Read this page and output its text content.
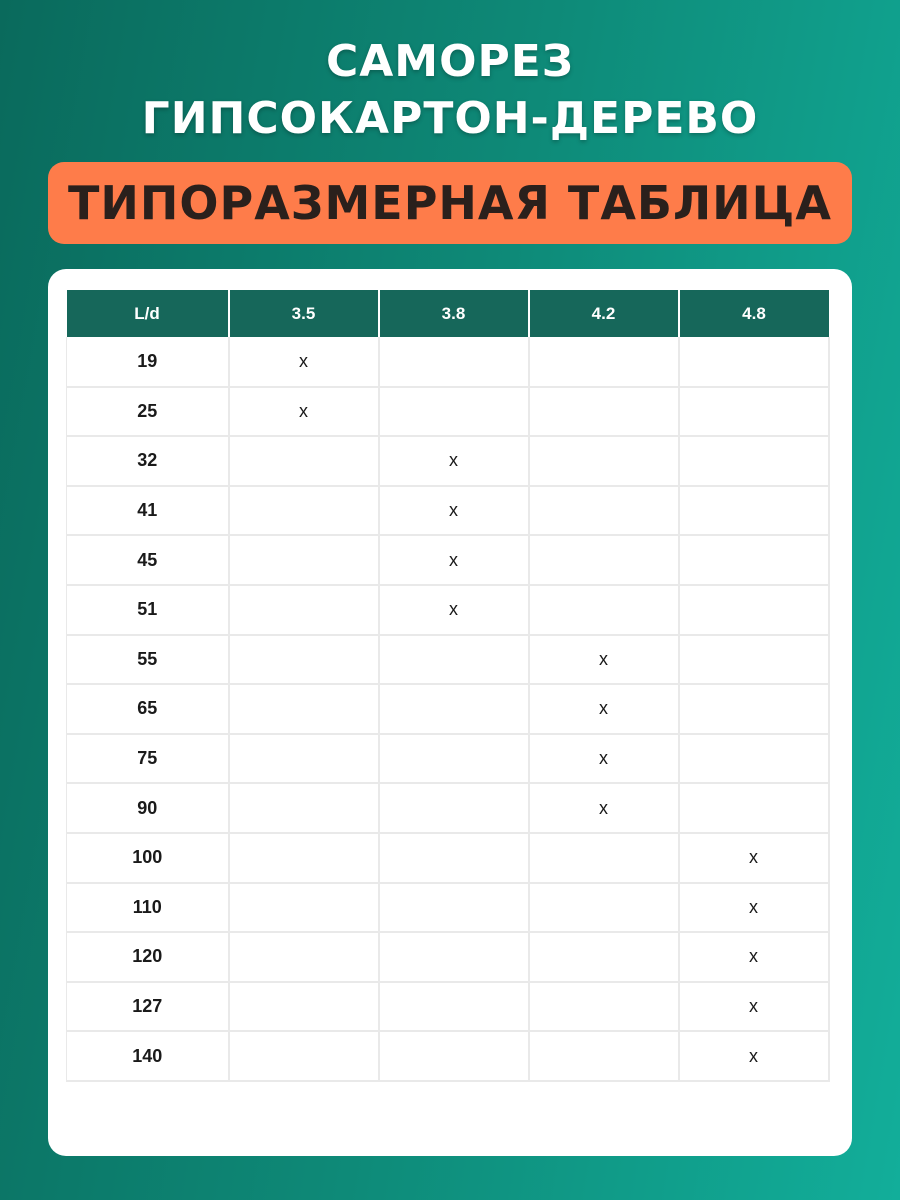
САМОРЕЗ
ГИПСОКАРТОН-ДЕРЕВО
ТИПОРАЗМЕРНАЯ ТАБЛИЦА
L/d	3.5	3.8	4.2	4.8
19	x			
25	x			
32		x		
41		x		
45		x		
51		x		
55			x	
65			x	
75			x	
90			x	
100				x
110				x
120				x
127				x
140				x
